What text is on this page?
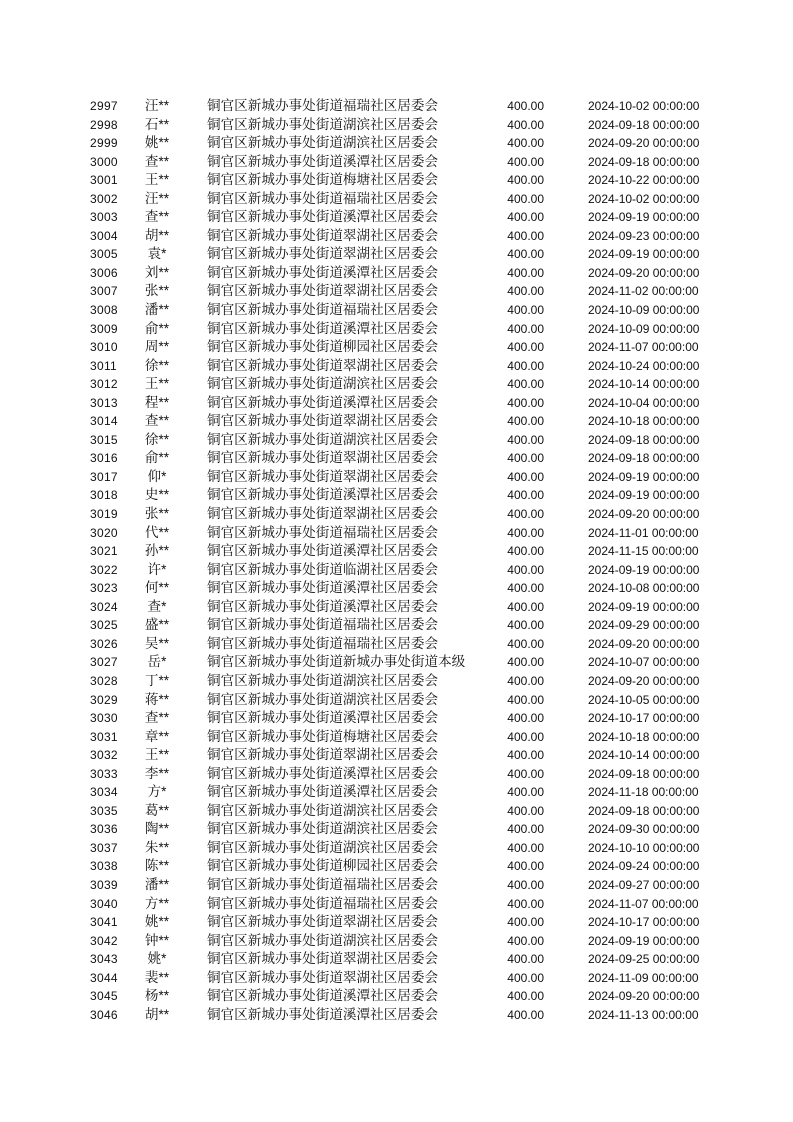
2997	汪**	铜官区新城办事处街道福瑞社区居委会	400.00	2024-10-02 00:00:00
2998	石**	铜官区新城办事处街道湖滨社区居委会	400.00	2024-09-18 00:00:00
2999	姚**	铜官区新城办事处街道湖滨社区居委会	400.00	2024-09-20 00:00:00
3000	查**	铜官区新城办事处街道溪潭社区居委会	400.00	2024-09-18 00:00:00
3001	王**	铜官区新城办事处街道梅塘社区居委会	400.00	2024-10-22 00:00:00
3002	汪**	铜官区新城办事处街道福瑞社区居委会	400.00	2024-10-02 00:00:00
3003	查**	铜官区新城办事处街道溪潭社区居委会	400.00	2024-09-19 00:00:00
3004	胡**	铜官区新城办事处街道翠湖社区居委会	400.00	2024-09-23 00:00:00
3005	袁*	铜官区新城办事处街道翠湖社区居委会	400.00	2024-09-19 00:00:00
3006	刘**	铜官区新城办事处街道溪潭社区居委会	400.00	2024-09-20 00:00:00
3007	张**	铜官区新城办事处街道翠湖社区居委会	400.00	2024-11-02 00:00:00
3008	潘**	铜官区新城办事处街道福瑞社区居委会	400.00	2024-10-09 00:00:00
3009	俞**	铜官区新城办事处街道溪潭社区居委会	400.00	2024-10-09 00:00:00
3010	周**	铜官区新城办事处街道柳园社区居委会	400.00	2024-11-07 00:00:00
3011	徐**	铜官区新城办事处街道翠湖社区居委会	400.00	2024-10-24 00:00:00
3012	王**	铜官区新城办事处街道湖滨社区居委会	400.00	2024-10-14 00:00:00
3013	程**	铜官区新城办事处街道溪潭社区居委会	400.00	2024-10-04 00:00:00
3014	查**	铜官区新城办事处街道翠湖社区居委会	400.00	2024-10-18 00:00:00
3015	徐**	铜官区新城办事处街道湖滨社区居委会	400.00	2024-09-18 00:00:00
3016	俞**	铜官区新城办事处街道翠湖社区居委会	400.00	2024-09-18 00:00:00
3017	仰*	铜官区新城办事处街道翠湖社区居委会	400.00	2024-09-19 00:00:00
3018	史**	铜官区新城办事处街道溪潭社区居委会	400.00	2024-09-19 00:00:00
3019	张**	铜官区新城办事处街道翠湖社区居委会	400.00	2024-09-20 00:00:00
3020	代**	铜官区新城办事处街道福瑞社区居委会	400.00	2024-11-01 00:00:00
3021	孙**	铜官区新城办事处街道溪潭社区居委会	400.00	2024-11-15 00:00:00
3022	许*	铜官区新城办事处街道临湖社区居委会	400.00	2024-09-19 00:00:00
3023	何**	铜官区新城办事处街道溪潭社区居委会	400.00	2024-10-08 00:00:00
3024	查*	铜官区新城办事处街道溪潭社区居委会	400.00	2024-09-19 00:00:00
3025	盛**	铜官区新城办事处街道福瑞社区居委会	400.00	2024-09-29 00:00:00
3026	吴**	铜官区新城办事处街道福瑞社区居委会	400.00	2024-09-20 00:00:00
3027	岳*	铜官区新城办事处街道新城办事处街道本级	400.00	2024-10-07 00:00:00
3028	丁**	铜官区新城办事处街道湖滨社区居委会	400.00	2024-09-20 00:00:00
3029	蒋**	铜官区新城办事处街道湖滨社区居委会	400.00	2024-10-05 00:00:00
3030	查**	铜官区新城办事处街道溪潭社区居委会	400.00	2024-10-17 00:00:00
3031	章**	铜官区新城办事处街道梅塘社区居委会	400.00	2024-10-18 00:00:00
3032	王**	铜官区新城办事处街道翠湖社区居委会	400.00	2024-10-14 00:00:00
3033	李**	铜官区新城办事处街道溪潭社区居委会	400.00	2024-09-18 00:00:00
3034	方*	铜官区新城办事处街道溪潭社区居委会	400.00	2024-11-18 00:00:00
3035	葛**	铜官区新城办事处街道湖滨社区居委会	400.00	2024-09-18 00:00:00
3036	陶**	铜官区新城办事处街道湖滨社区居委会	400.00	2024-09-30 00:00:00
3037	朱**	铜官区新城办事处街道湖滨社区居委会	400.00	2024-10-10 00:00:00
3038	陈**	铜官区新城办事处街道柳园社区居委会	400.00	2024-09-24 00:00:00
3039	潘**	铜官区新城办事处街道福瑞社区居委会	400.00	2024-09-27 00:00:00
3040	方**	铜官区新城办事处街道福瑞社区居委会	400.00	2024-11-07 00:00:00
3041	姚**	铜官区新城办事处街道翠湖社区居委会	400.00	2024-10-17 00:00:00
3042	钟**	铜官区新城办事处街道湖滨社区居委会	400.00	2024-09-19 00:00:00
3043	姚*	铜官区新城办事处街道翠湖社区居委会	400.00	2024-09-25 00:00:00
3044	裴**	铜官区新城办事处街道翠湖社区居委会	400.00	2024-11-09 00:00:00
3045	杨**	铜官区新城办事处街道溪潭社区居委会	400.00	2024-09-20 00:00:00
3046	胡**	铜官区新城办事处街道溪潭社区居委会	400.00	2024-11-13 00:00:00
